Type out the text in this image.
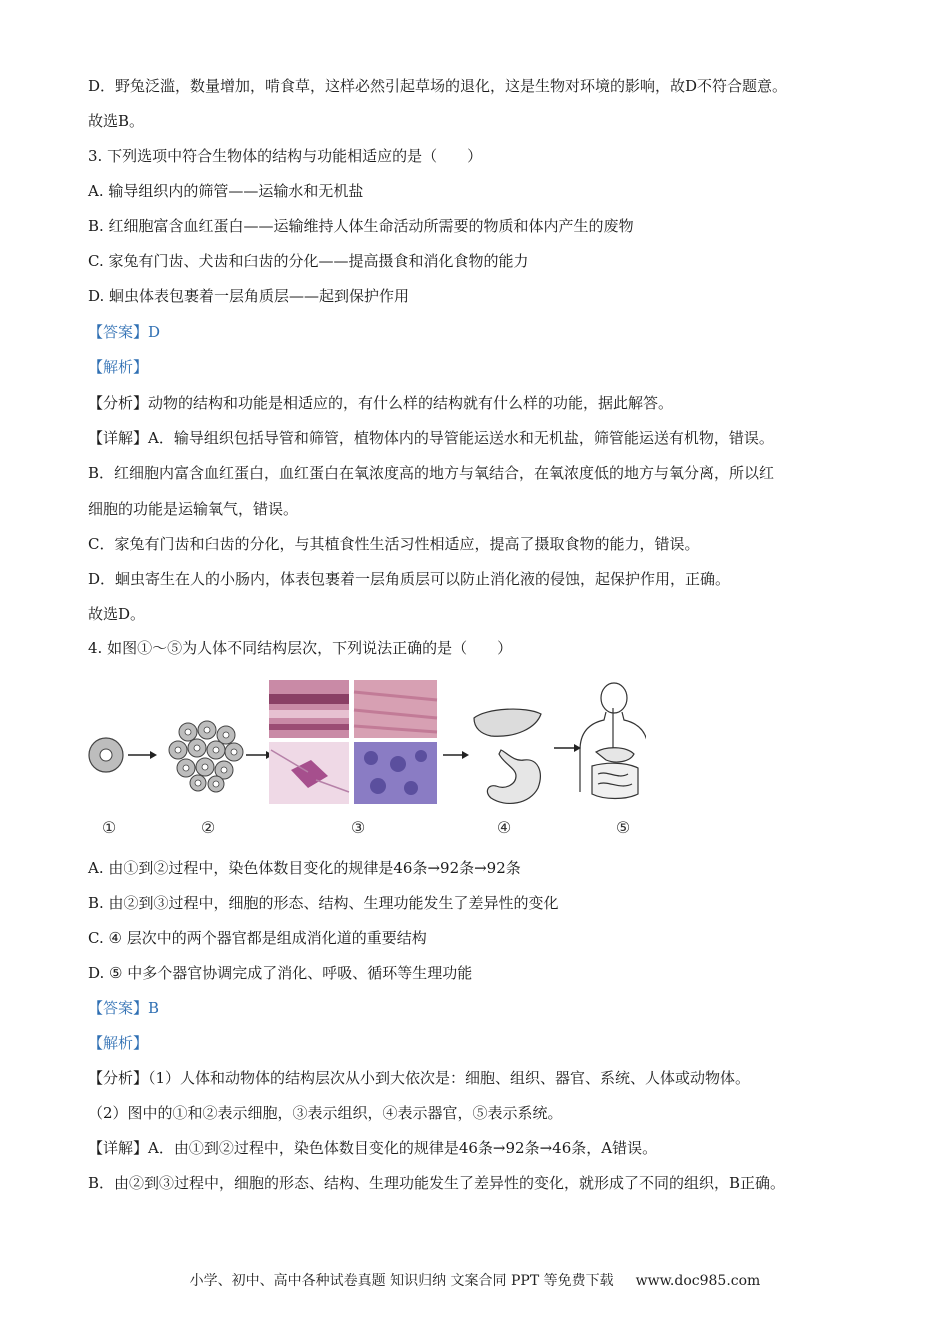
D．野兔泛滥，数量增加，啃食草，这样必然引起草场的退化，这是生物对环境的影响，故D不符合题意。
故选B。
3. 下列选项中符合生物体的结构与功能相适应的是（　　）
A. 输导组织内的筛管——运输水和无机盐
B. 红细胞富含血红蛋白——运输维持人体生命活动所需要的物质和体内产生的废物
C. 家兔有门齿、犬齿和臼齿的分化——提高摄食和消化食物的能力
D. 蛔虫体表包裹着一层角质层——起到保护作用
【答案】D
【解析】
【分析】动物的结构和功能是相适应的，有什么样的结构就有什么样的功能，据此解答。
【详解】A．输导组织包括导管和筛管，植物体内的导管能运送水和无机盐，筛管能运送有机物，错误。
B．红细胞内富含血红蛋白，血红蛋白在氧浓度高的地方与氧结合，在氧浓度低的地方与氧分离，所以红
细胞的功能是运输氧气，错误。
C．家兔有门齿和臼齿的分化，与其植食性生活习性相适应，提高了摄取食物的能力，错误。
D．蛔虫寄生在人的小肠内，体表包裹着一层角质层可以防止消化液的侵蚀，起保护作用，正确。
故选D。
4. 如图①～⑤为人体不同结构层次，下列说法正确的是（　　）
①	②	③	④	⑤
A. 由①到②过程中，染色体数目变化的规律是46条→92条→92条
B. 由②到③过程中，细胞的形态、结构、生理功能发生了差异性的变化
C. ④ 层次中的两个器官都是组成消化道的重要结构
D. ⑤ 中多个器官协调完成了消化、呼吸、循环等生理功能
【答案】B
【解析】
【分析】（1）人体和动物体的结构层次从小到大依次是：细胞、组织、器官、系统、人体或动物体。
（2）图中的①和②表示细胞，③表示组织，④表示器官，⑤表示系统。
【详解】A．由①到②过程中，染色体数目变化的规律是46条→92条→46条，A错误。
B．由②到③过程中，细胞的形态、结构、生理功能发生了差异性的变化，就形成了不同的组织，B正确。
小学、初中、高中各种试卷真题 知识归纳 文案合同 PPT 等免费下载 www.doc985.com
